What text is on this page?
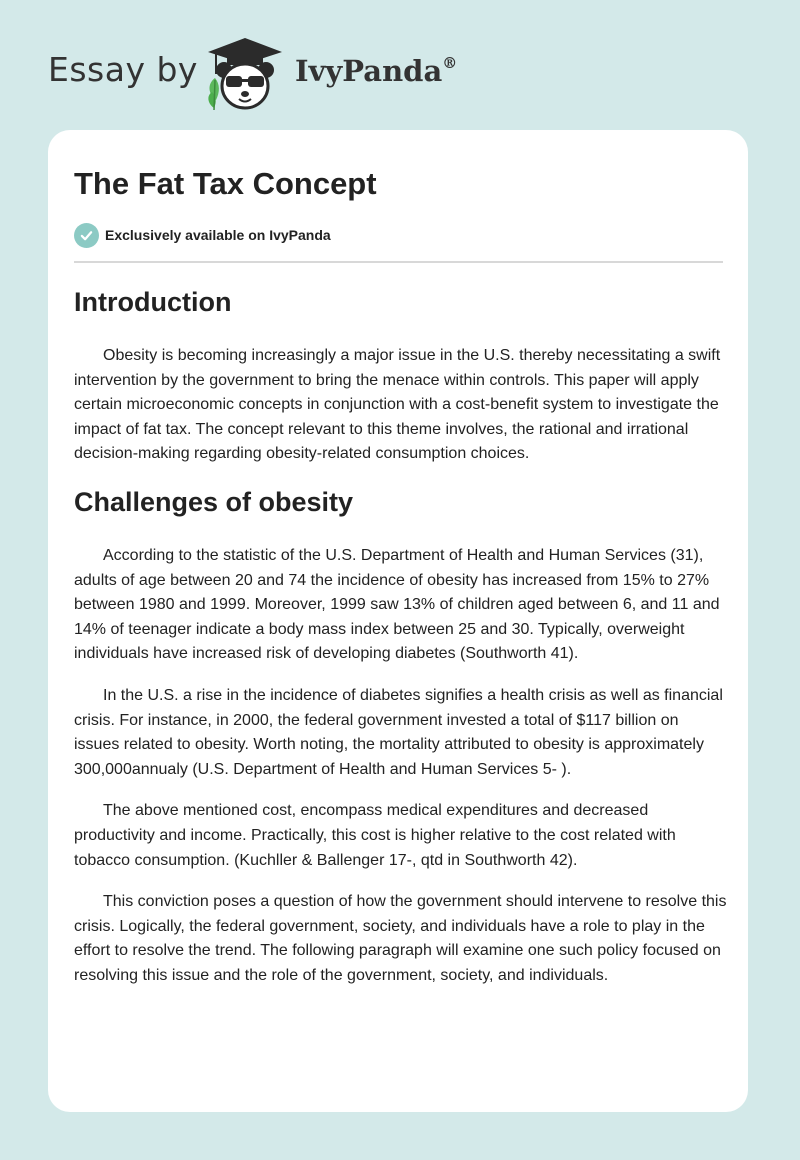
Essay by	IvyPanda®
The Fat Tax Concept
Exclusively available on IvyPanda
Introduction

Obesity is becoming increasingly a major issue in the U.S. thereby necessitating a swift intervention by the government to bring the menace within controls. This paper will apply certain microeconomic concepts in conjunction with a cost-benefit system to investigate the impact of fat tax. The concept relevant to this theme involves, the rational and irrational decision-making regarding obesity-related consumption choices.

Challenges of obesity

According to the statistic of the U.S. Department of Health and Human Services (31), adults of age between 20 and 74 the incidence of obesity has increased from 15% to 27% between 1980 and 1999. Moreover, 1999 saw 13% of children aged between 6, and 11 and 14% of teenager indicate a body mass index between 25 and 30. Typically, overweight individuals have increased risk of developing diabetes (Southworth 41).

In the U.S. a rise in the incidence of diabetes signifies a health crisis as well as financial crisis. For instance, in 2000, the federal government invested a total of $117 billion on issues related to obesity. Worth noting, the mortality attributed to obesity is approximately 300,000annualy (U.S. Department of Health and Human Services 5- ).

The above mentioned cost, encompass medical expenditures and decreased productivity and income. Practically, this cost is higher relative to the cost related with tobacco consumption. (Kuchller & Ballenger 17-, qtd in Southworth 42).

This conviction poses a question of how the government should intervene to resolve this crisis. Logically, the federal government, society, and individuals have a role to play in the effort to resolve the trend. The following paragraph will examine one such policy focused on resolving this issue and the role of the government, society, and individuals.
